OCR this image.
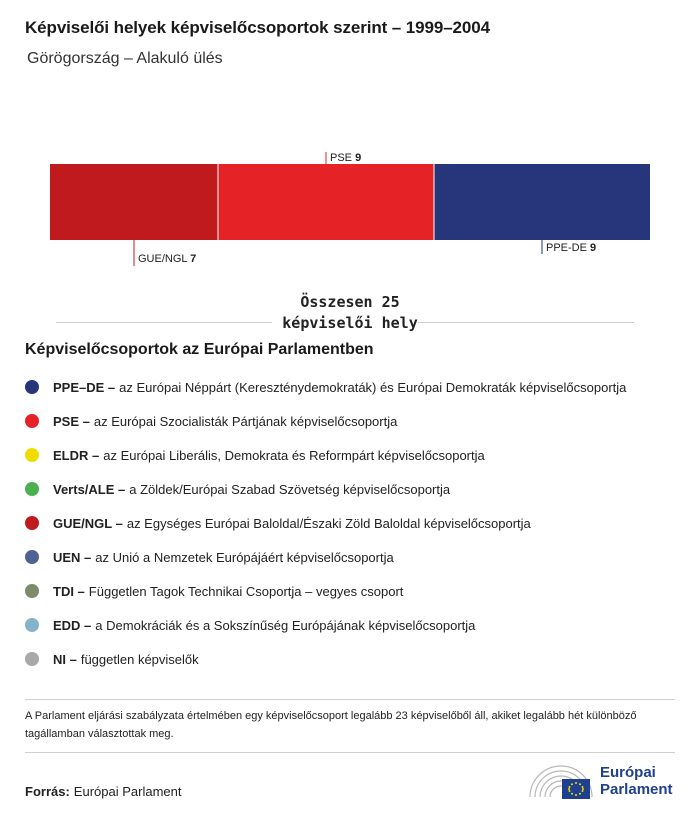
Képviselői helyek képviselőcsoportok szerint – 1999–2004
Görögország – Alakuló ülés
GUE/NGL 7
PSE 9
PPE-DE 9
Összesen 25 képviselői hely
Képviselőcsoportok az Európai Parlamentben
PPE–DE – az Európai Néppárt (Kereszténydemokraták) és Európai Demokraták képviselőcsoportja
PSE – az Európai Szocialisták Pártjának képviselőcsoportja
ELDR – az Európai Liberális, Demokrata és Reformpárt képviselőcsoportja
Verts/ALE – a Zöldek/Európai Szabad Szövetség képviselőcsoportja
GUE/NGL – az Egységes Európai Baloldal/Északi Zöld Baloldal képviselőcsoportja
UEN – az Unió a Nemzetek Európájáért képviselőcsoportja
TDI – Független Tagok Technikai Csoportja – vegyes csoport
EDD – a Demokráciák és a Sokszínűség Európájának képviselőcsoportja
NI – független képviselők
A Parlament eljárási szabályzata értelmében egy képviselőcsoport legalább 23 képviselőből áll, akiket legalább hét különböző tagállamban választottak meg.
Forrás: Európai Parlament
Európai
Parlament
